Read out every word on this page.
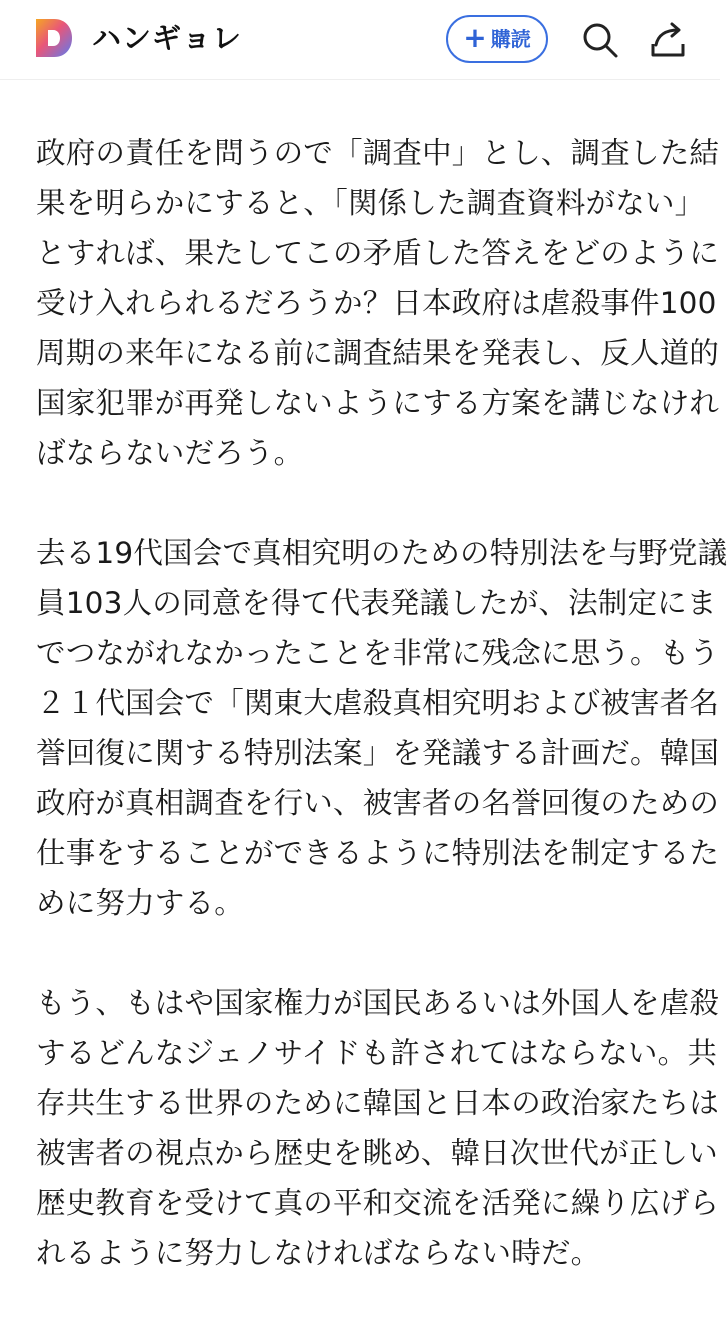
ハンギョレ	+ 購読
政府の責任を問うので「調査中」とし、調査した結
果を明らかにすると、「関係した調査資料がない」
とすれば、果たしてこの矛盾した答えをどのように
受け入れられるだろうか？日本政府は虐殺事件100
周期の来年になる前に調査結果を発表し、反人道的
国家犯罪が再発しないようにする方案を講じなけれ
ばならないだろう。
去る19代国会で真相究明のための特別法を与野党議
員103人の同意を得て代表発議したが、法制定にま
でつながれなかったことを非常に残念に思う。もう
２１代国会で「関東大虐殺真相究明および被害者名
誉回復に関する特別法案」を発議する計画だ。韓国
政府が真相調査を行い、被害者の名誉回復のための
仕事をすることができるように特別法を制定するた
めに努力する。
もう、もはや国家権力が国民あるいは外国人を虐殺
するどんなジェノサイドも許されてはならない。共
存共生する世界のために韓国と日本の政治家たちは
被害者の視点から歴史を眺め、韓日次世代が正しい
歴史教育を受けて真の平和交流を活発に繰り広げら
れるように努力しなければならない時だ。
